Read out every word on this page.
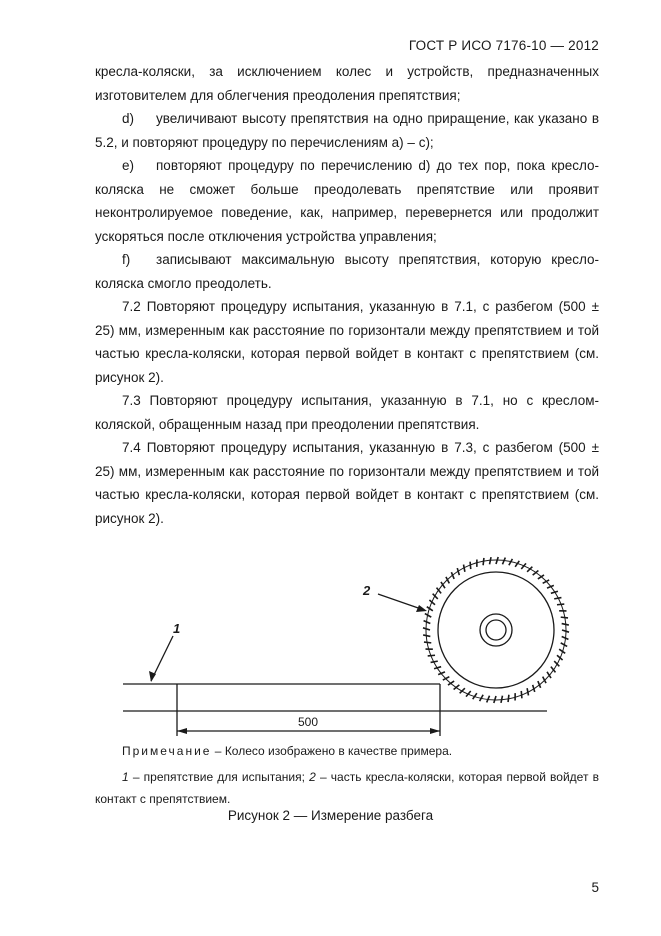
ГОСТ Р ИСО 7176-10 — 2012

кресла-коляски, за исключением колес и устройств, предназначенных изготовителем для облегчения преодоления препятствия;

d) увеличивают высоту препятствия на одно приращение, как указано в 5.2, и повторяют процедуру по перечислениям a) – c);

e) повторяют процедуру по перечислению d) до тех пор, пока кресло-коляска не сможет больше преодолевать препятствие или проявит неконтролируемое поведение, как, например, перевернется или продолжит ускоряться после отключения устройства управления;

f) записывают максимальную высоту препятствия, которую кресло-коляска смогло преодолеть.

7.2 Повторяют процедуру испытания, указанную в 7.1, с разбегом (500 ± 25) мм, измеренным как расстояние по горизонтали между препятствием и той частью кресла-коляски, которая первой войдет в контакт с препятствием (см. рисунок 2).

7.3 Повторяют процедуру испытания, указанную в 7.1, но с креслом-коляской, обращенным назад при преодолении препятствия.

7.4 Повторяют процедуру испытания, указанную в 7.3, с разбегом (500 ± 25) мм, измеренным как расстояние по горизонтали между препятствием и той частью кресла-коляски, которая первой войдет в контакт с препятствием (см. рисунок 2).

1
2
500
Примечание – Колесо изображено в качестве примера.
1 – препятствие для испытания; 2 – часть кресла-коляски, которая первой войдет в контакт с препятствием.
Рисунок 2 — Измерение разбега
5
